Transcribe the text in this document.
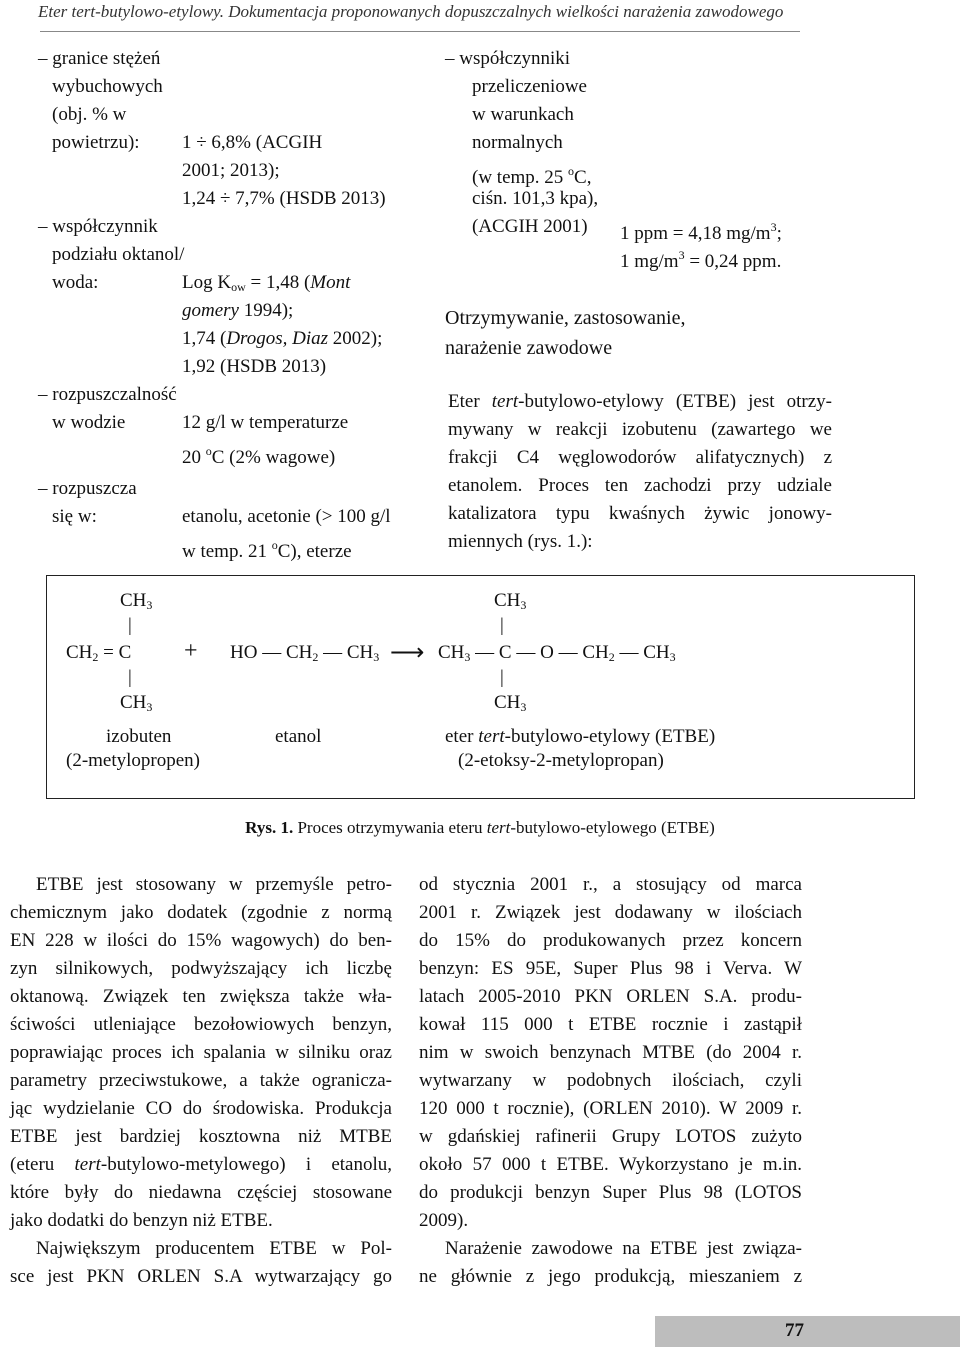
Eter tert-butylowo-etylowy. Dokumentacja proponowanych dopuszczalnych wielkości narażenia zawodowego
– granice stężeń
wybuchowych
(obj. % w
powietrzu): 1 ÷ 6,8% (ACGIH
2001; 2013);
1,24 ÷ 7,7% (HSDB 2013)
– współczynnik
podziału oktanol/
woda:	Log $K_{ow} = 1,48$ (Mont
gomery 1994);
1,74 (Drogos, Diaz 2002);
1,92 (HSDB 2013)
– rozpuszczalność
w wodzie	12 g/l w temperaturze
20 $^o$C (2% wagowe)
– rozpuszcza
się w:	etanolu, acetonie (> 100 g/l
w temp. 21 $^o$C), eterze
– współczynniki
przeliczeniowe
w warunkach
normalnych
(w temp. 25 $^o$C,
ciśn. 101,3 kpa),
(ACGIH 2001) 1 ppm = 4,18 $mg/m^3$;
1 $mg/m^3 = 0,24$ ppm.
Otrzymywanie, zastosowanie,
narażenie zawodowe
Eter tert-butylowo-etylowy (ETBE) jest otrzy-
mywany w reakcji izobutenu (zawartego we
frakcji C4 węglowodorów alifatycznych) z
etanolem. Proces ten zachodzi przy udziale
katalizatora typu kwaśnych żywic jonowy-
miennych (rys. 1.):
$CH_3$
|
$CH_2 = C$
|
$CH_3$
+ HO — $CH_2$ — $CH_3$ ⟶
$CH_3$
|
$CH_3$ — C — O — $CH_2$ — $CH_3$
|
$CH_3$
izobuten
(2-metylopropen)
etanol	eter tert-butylowo-etylowy (ETBE)
(2-etoksy-2-metylopropan)
Rys. 1. Proces otrzymywania eteru tert-butylowo-etylowego (ETBE)
ETBE jest stosowany w przemyśle petro-
chemicznym jako dodatek (zgodnie z normą
EN 228 w ilości do 15% wagowych) do ben-
zyn silnikowych, podwyższający ich liczbę
oktanową. Związek ten zwiększa także wła-
ściwości utleniające bezołowiowych benzyn,
poprawiając proces ich spalania w silniku oraz
parametry przeciwstukowe, a także ogranicza-
jąc wydzielanie CO do środowiska. Produkcja
ETBE jest bardziej kosztowna niż MTBE
(eteru tert-butylowo-metylowego) i etanolu,
które były do niedawna częściej stosowane
jako dodatki do benzyn niż ETBE.
Największym producentem ETBE w Pol-
sce jest PKN ORLEN S.A wytwarzający go
od stycznia 2001 r., a stosujący od marca
2001 r. Związek jest dodawany w ilościach
do 15% do produkowanych przez koncern
benzyn: ES 95E, Super Plus 98 i Verva. W
latach 2005-2010 PKN ORLEN S.A. produ-
kował 115 000 t ETBE rocznie i zastąpił
nim w swoich benzynach MTBE (do 2004 r.
wytwarzany w podobnych ilościach, czyli
120 000 t rocznie), (ORLEN 2010). W 2009 r.
w gdańskiej rafinerii Grupy LOTOS zużyto
około 57 000 t ETBE. Wykorzystano je m.in.
do produkcji benzyn Super Plus 98 (LOTOS
2009).
Narażenie zawodowe na ETBE jest związa-
ne głównie z jego produkcją, mieszaniem z
77
